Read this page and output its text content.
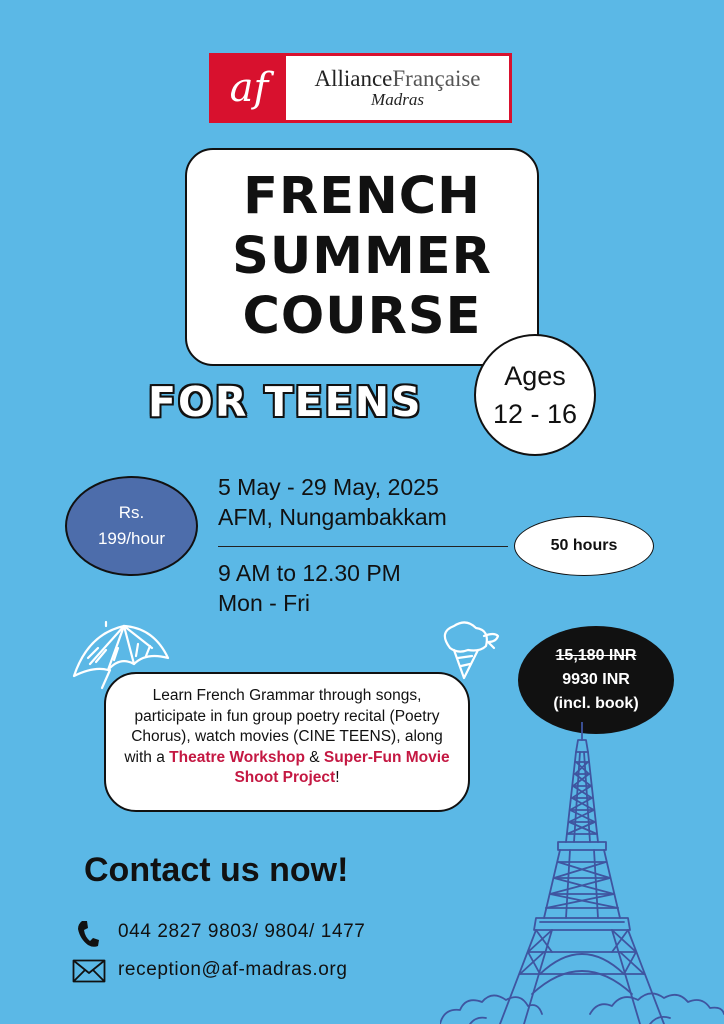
af	AllianceFrançaise
Madras
FRENCH
SUMMER
COURSE
Ages
12 - 16
FOR TEENS
Rs.
199/hour
5 May - 29 May, 2025
AFM, Nungambakkam
9 AM to 12.30 PM
Mon - Fri
50 hours
15,180 INR
9930 INR
(incl. book)
Learn French Grammar through songs, participate in fun group poetry recital (Poetry Chorus), watch movies (CINE TEENS), along with a Theatre Workshop & Super-Fun Movie Shoot Project!
Contact us now!
044 2827 9803/ 9804/ 1477
reception@af-madras.org
